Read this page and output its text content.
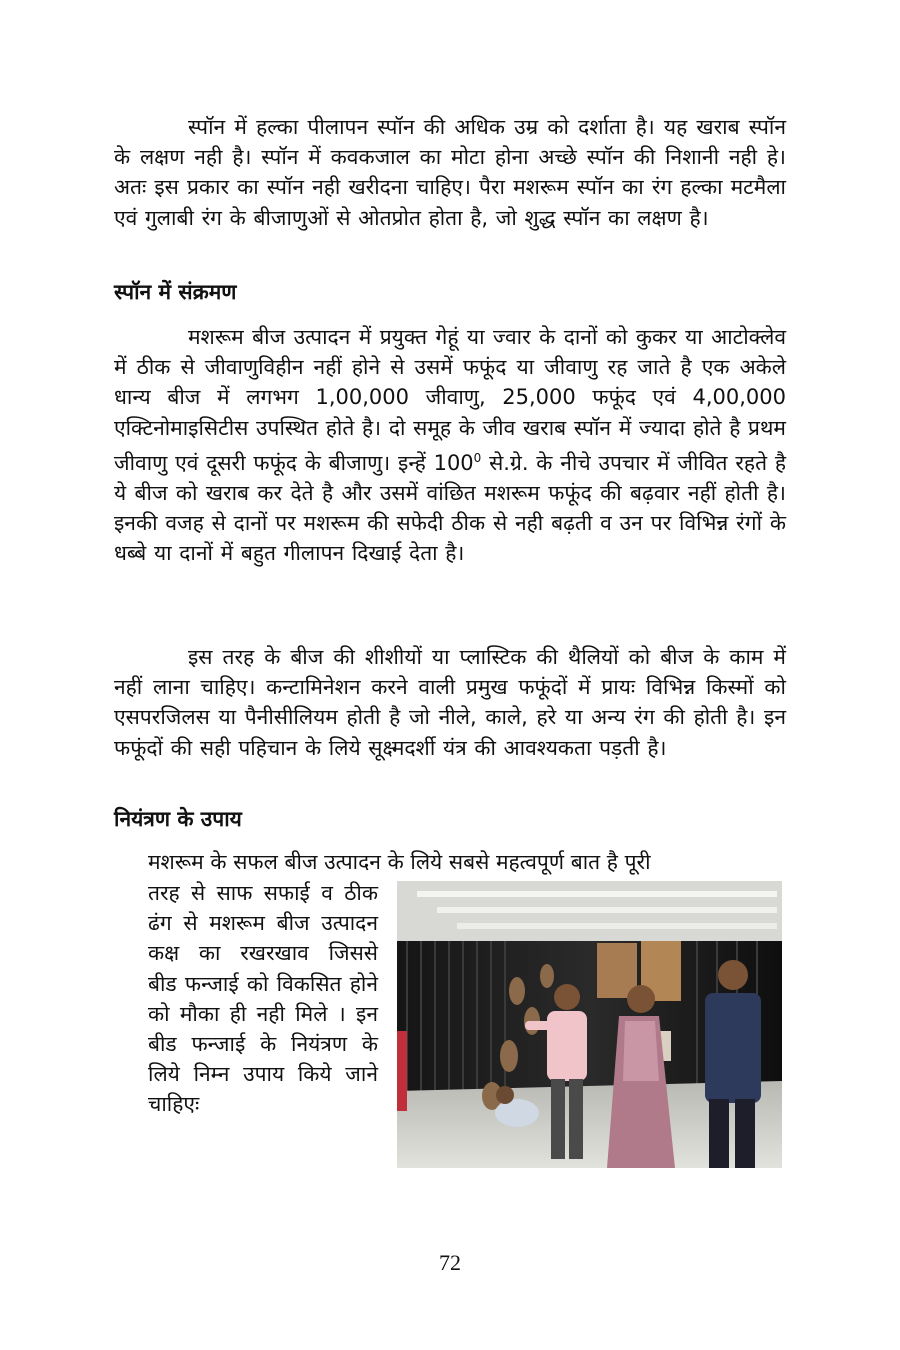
स्पॉन में हल्का पीलापन स्पॉन की अधिक उम्र को दर्शाता है। यह खराब स्पॉन के लक्षण नही है। स्पॉन में कवकजाल का मोटा होना अच्छे स्पॉन की निशानी नही हे। अतः इस प्रकार का स्पॉन नही खरीदना चाहिए। पैरा मशरूम स्पॉन का रंग हल्का मटमैला एवं गुलाबी रंग के बीजाणुओं से ओतप्रोत होता है, जो शुद्ध स्पॉन का लक्षण है।

स्पॉन में संक्रमण

मशरूम बीज उत्पादन में प्रयुक्त गेहूं या ज्वार के दानों को कुकर या आटोक्लेव में ठीक से जीवाणुविहीन नहीं होने से उसमें फफूंद या जीवाणु रह जाते है एक अकेले धान्य बीज में लगभग 1,00,000 जीवाणु, 25,000 फफूंद एवं 4,00,000 एक्टिनोमाइसिटीस उपस्थित होते है। दो समूह के जीव खराब स्पॉन में ज्यादा होते है प्रथम जीवाणु एवं दूसरी फफूंद के बीजाणु। इन्हें $100^0$ से.ग्रे. के नीचे उपचार में जीवित रहते है ये बीज को खराब कर देते है और उसमें वांछित मशरूम फफूंद की बढ़वार नहीं होती है। इनकी वजह से दानों पर मशरूम की सफेदी ठीक से नही बढ़ती व उन पर विभिन्न रंगों के धब्बे या दानों में बहुत गीलापन दिखाई देता है।

इस तरह के बीज की शीशीयों या प्लास्टिक की थैलियों को बीज के काम में नहीं लाना चाहिए। कन्टामिनेशन करने वाली प्रमुख फफूंदों में प्रायः विभिन्न किस्मों को एसपरजिलस या पैनीसीलियम होती है जो नीले, काले, हरे या अन्य रंग की होती है। इन फफूंदों की सही पहिचान के लिये सूक्ष्मदर्शी यंत्र की आवश्यकता पड़ती है।

नियंत्रण के उपाय

मशरूम के सफल बीज उत्पादन के लिये सबसे महत्वपूर्ण बात है पूरी

तरह से साफ सफाई व ठीक ढंग से मशरूम बीज उत्पादन कक्ष का रखरखाव जिससे बीड फन्जाई को विकसित होने को मौका ही नही मिले । इन बीड फन्जाई के नियंत्रण के लिये निम्न उपाय किये जाने चाहिएः

72
